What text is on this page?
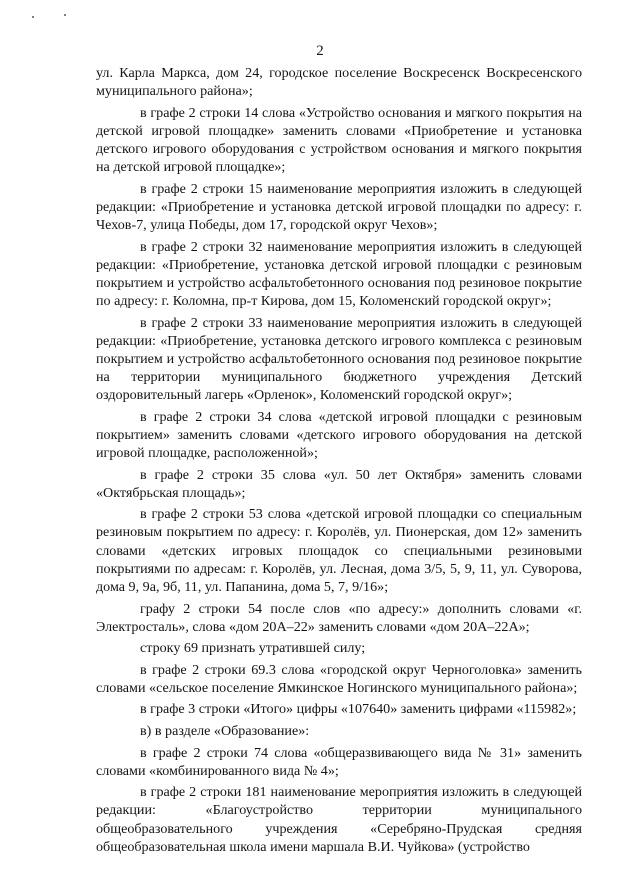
2

ул. Карла Маркса, дом 24, городское поселение Воскресенск Воскресенского муниципального района»;

в графе 2 строки 14 слова «Устройство основания и мягкого покрытия на детской игровой площадке» заменить словами «Приобретение и установка детского игрового оборудования с устройством основания и мягкого покрытия на детской игровой площадке»;

в графе 2 строки 15 наименование мероприятия изложить в следующей редакции: «Приобретение и установка детской игровой площадки по адресу: г. Чехов-7, улица Победы, дом 17, городской округ Чехов»;

в графе 2 строки 32 наименование мероприятия изложить в следующей редакции: «Приобретение, установка детской игровой площадки с резиновым покрытием и устройство асфальтобетонного основания под резиновое покрытие по адресу: г. Коломна, пр-т Кирова, дом 15, Коломенский городской округ»;

в графе 2 строки 33 наименование мероприятия изложить в следующей редакции: «Приобретение, установка детского игрового комплекса с резиновым покрытием и устройство асфальтобетонного основания под резиновое покрытие на территории муниципального бюджетного учреждения Детский оздоровительный лагерь «Орленок», Коломенский городской округ»;

в графе 2 строки 34 слова «детской игровой площадки с резиновым покрытием» заменить словами «детского игрового оборудования на детской игровой площадке, расположенной»;

в графе 2 строки 35 слова «ул. 50 лет Октября» заменить словами «Октябрьская площадь»;

в графе 2 строки 53 слова «детской игровой площадки со специальным резиновым покрытием по адресу: г. Королёв, ул. Пионерская, дом 12» заменить словами «детских игровых площадок со специальными резиновыми покрытиями по адресам: г. Королёв, ул. Лесная, дома 3/5, 5, 9, 11, ул. Суворова, дома 9, 9а, 9б, 11, ул. Папанина, дома 5, 7, 9/16»;

графу 2 строки 54 после слов «по адресу:» дополнить словами «г. Электросталь», слова «дом 20А–22» заменить словами «дом 20А–22А»;

строку 69 признать утратившей силу;

в графе 2 строки 69.3 слова «городской округ Черноголовка» заменить словами «сельское поселение Ямкинское Ногинского муниципального района»;

в графе 3 строки «Итого» цифры «107640» заменить цифрами «115982»;

в) в разделе «Образование»:

в графе 2 строки 74 слова «общеразвивающего вида № 31» заменить словами «комбинированного вида № 4»;

в графе 2 строки 181 наименование мероприятия изложить в следующей редакции: «Благоустройство территории муниципального общеобразовательного учреждения «Серебряно-Прудская средняя общеобразовательная школа имени маршала В.И. Чуйкова» (устройство
